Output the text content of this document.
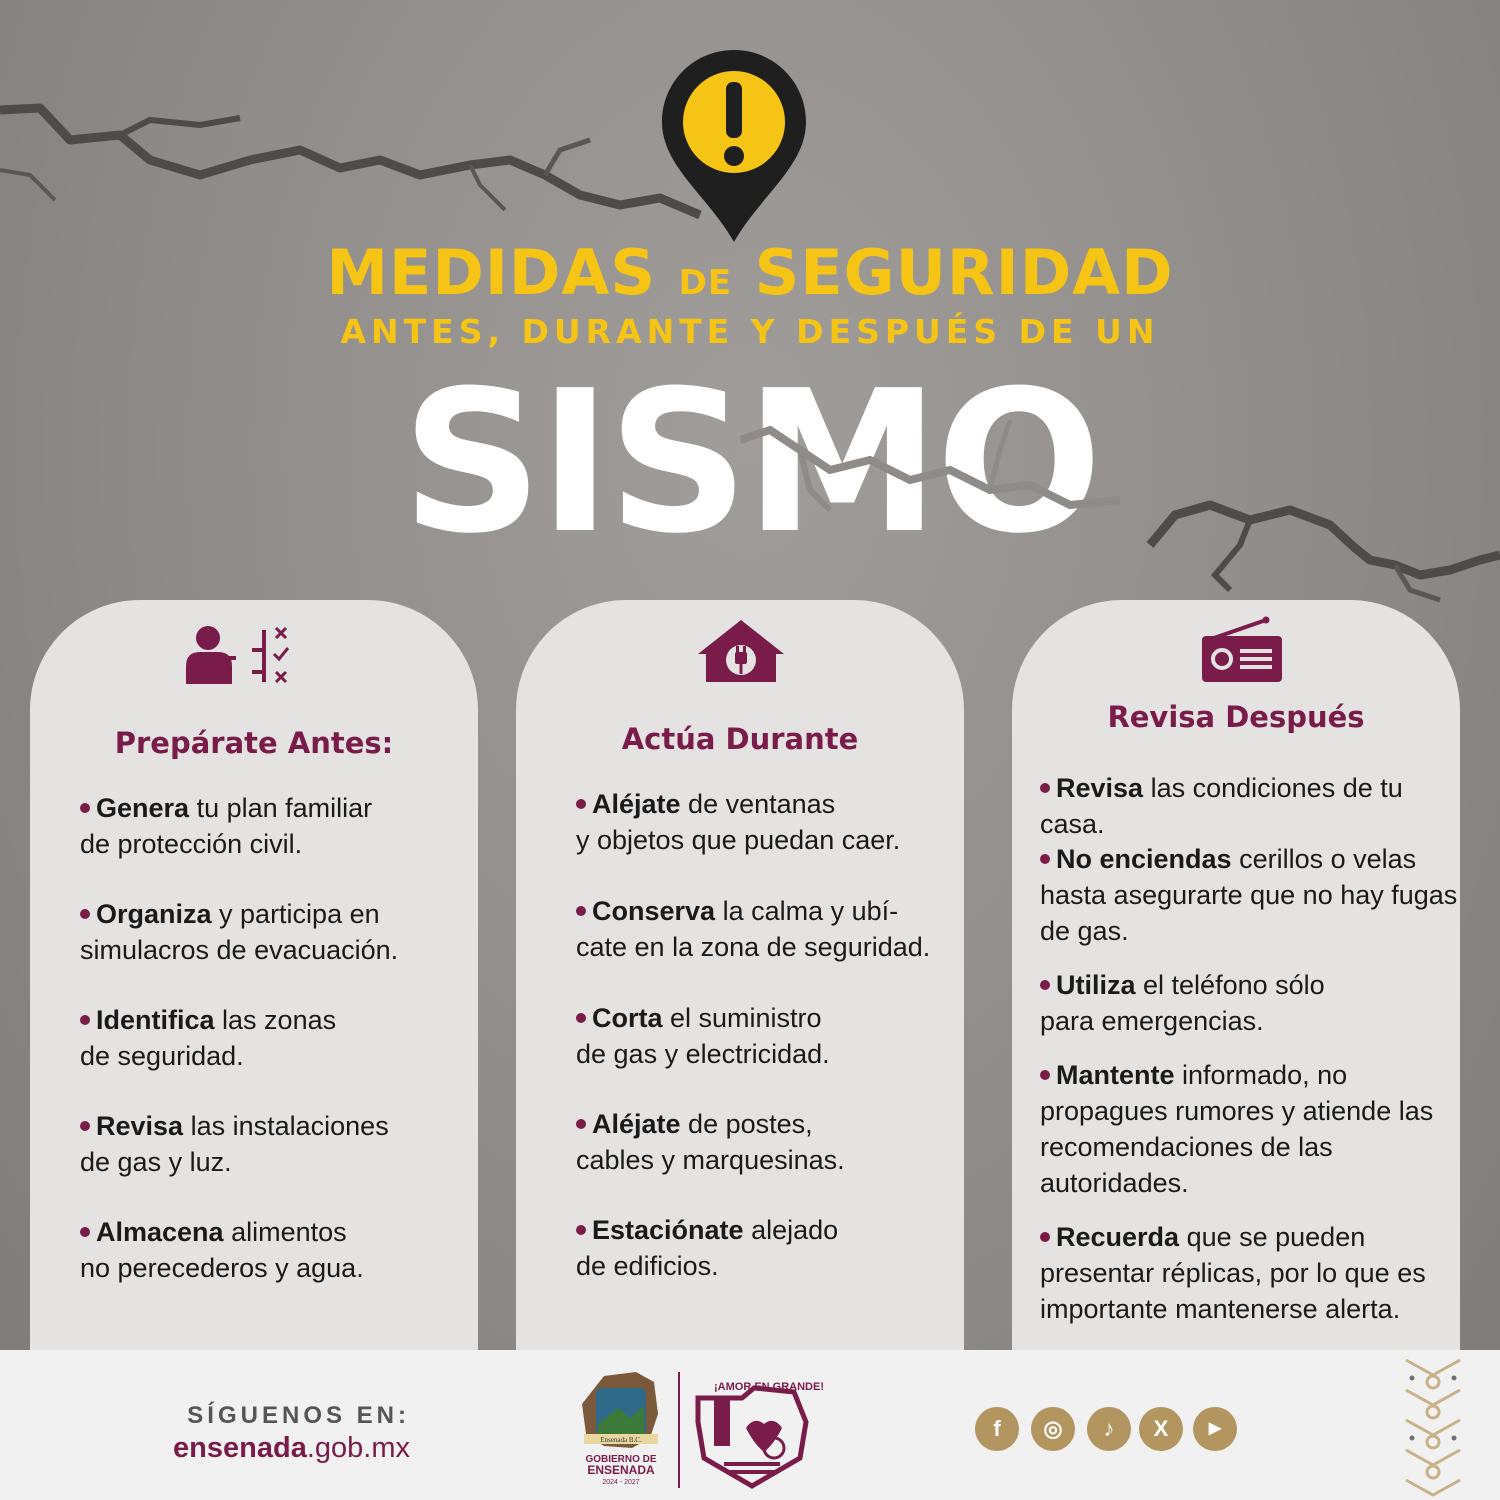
MEDIDAS DE SEGURIDAD
ANTES, DURANTE Y DESPUÉS DE UN
SISMO
Prepárate Antes:
Genera tu plan familiar
de protección civil.
Organiza y participa en
simulacros de evacuación.
Identifica las zonas
de seguridad.
Revisa las instalaciones
de gas y luz.
Almacena alimentos
no perecederos y agua.
Actúa Durante
Aléjate de ventanas
y objetos que puedan caer.
Conserva la calma y ubí-
cate en la zona de seguridad.
Corta el suministro
de gas y electricidad.
Aléjate de postes,
cables y marquesinas.
Estaciónate alejado
de edificios.
Revisa Después
Revisa las condiciones de tu casa.
No enciendas cerillos o velas
hasta asegurarte que no hay fugas
de gas.
Utiliza el teléfono sólo
para emergencias.
Mantente informado, no
propagues rumores y atiende las
recomendaciones de las
autoridades.
Recuerda que se pueden
presentar réplicas, por lo que es
importante mantenerse alerta.
SÍGUENOS EN:
ensenada.gob.mx	Ensenada B.C.
GOBIERNO DE
ENSENADA
2024 - 2027
¡AMOR EN GRANDE!
f	◎	♪	X	▶
